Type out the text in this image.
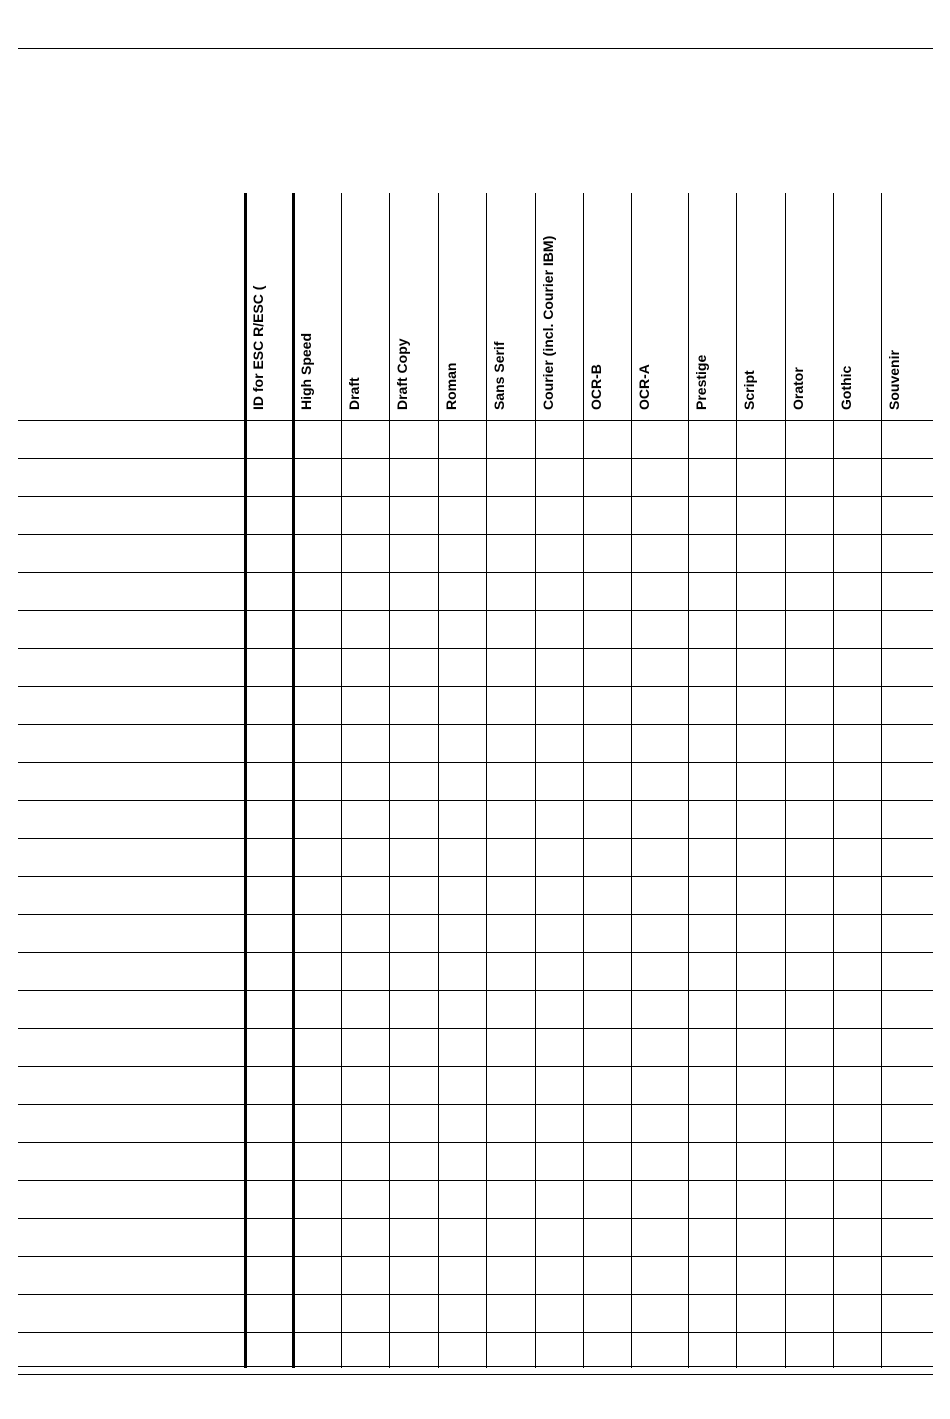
ID for ESC R/ESC ( High Speed Draft Draft Copy Roman Sans Serif Courier (incl. Courier IBM) OCR-B OCR-A	Prestige Script Orator Gothic Souvenir
